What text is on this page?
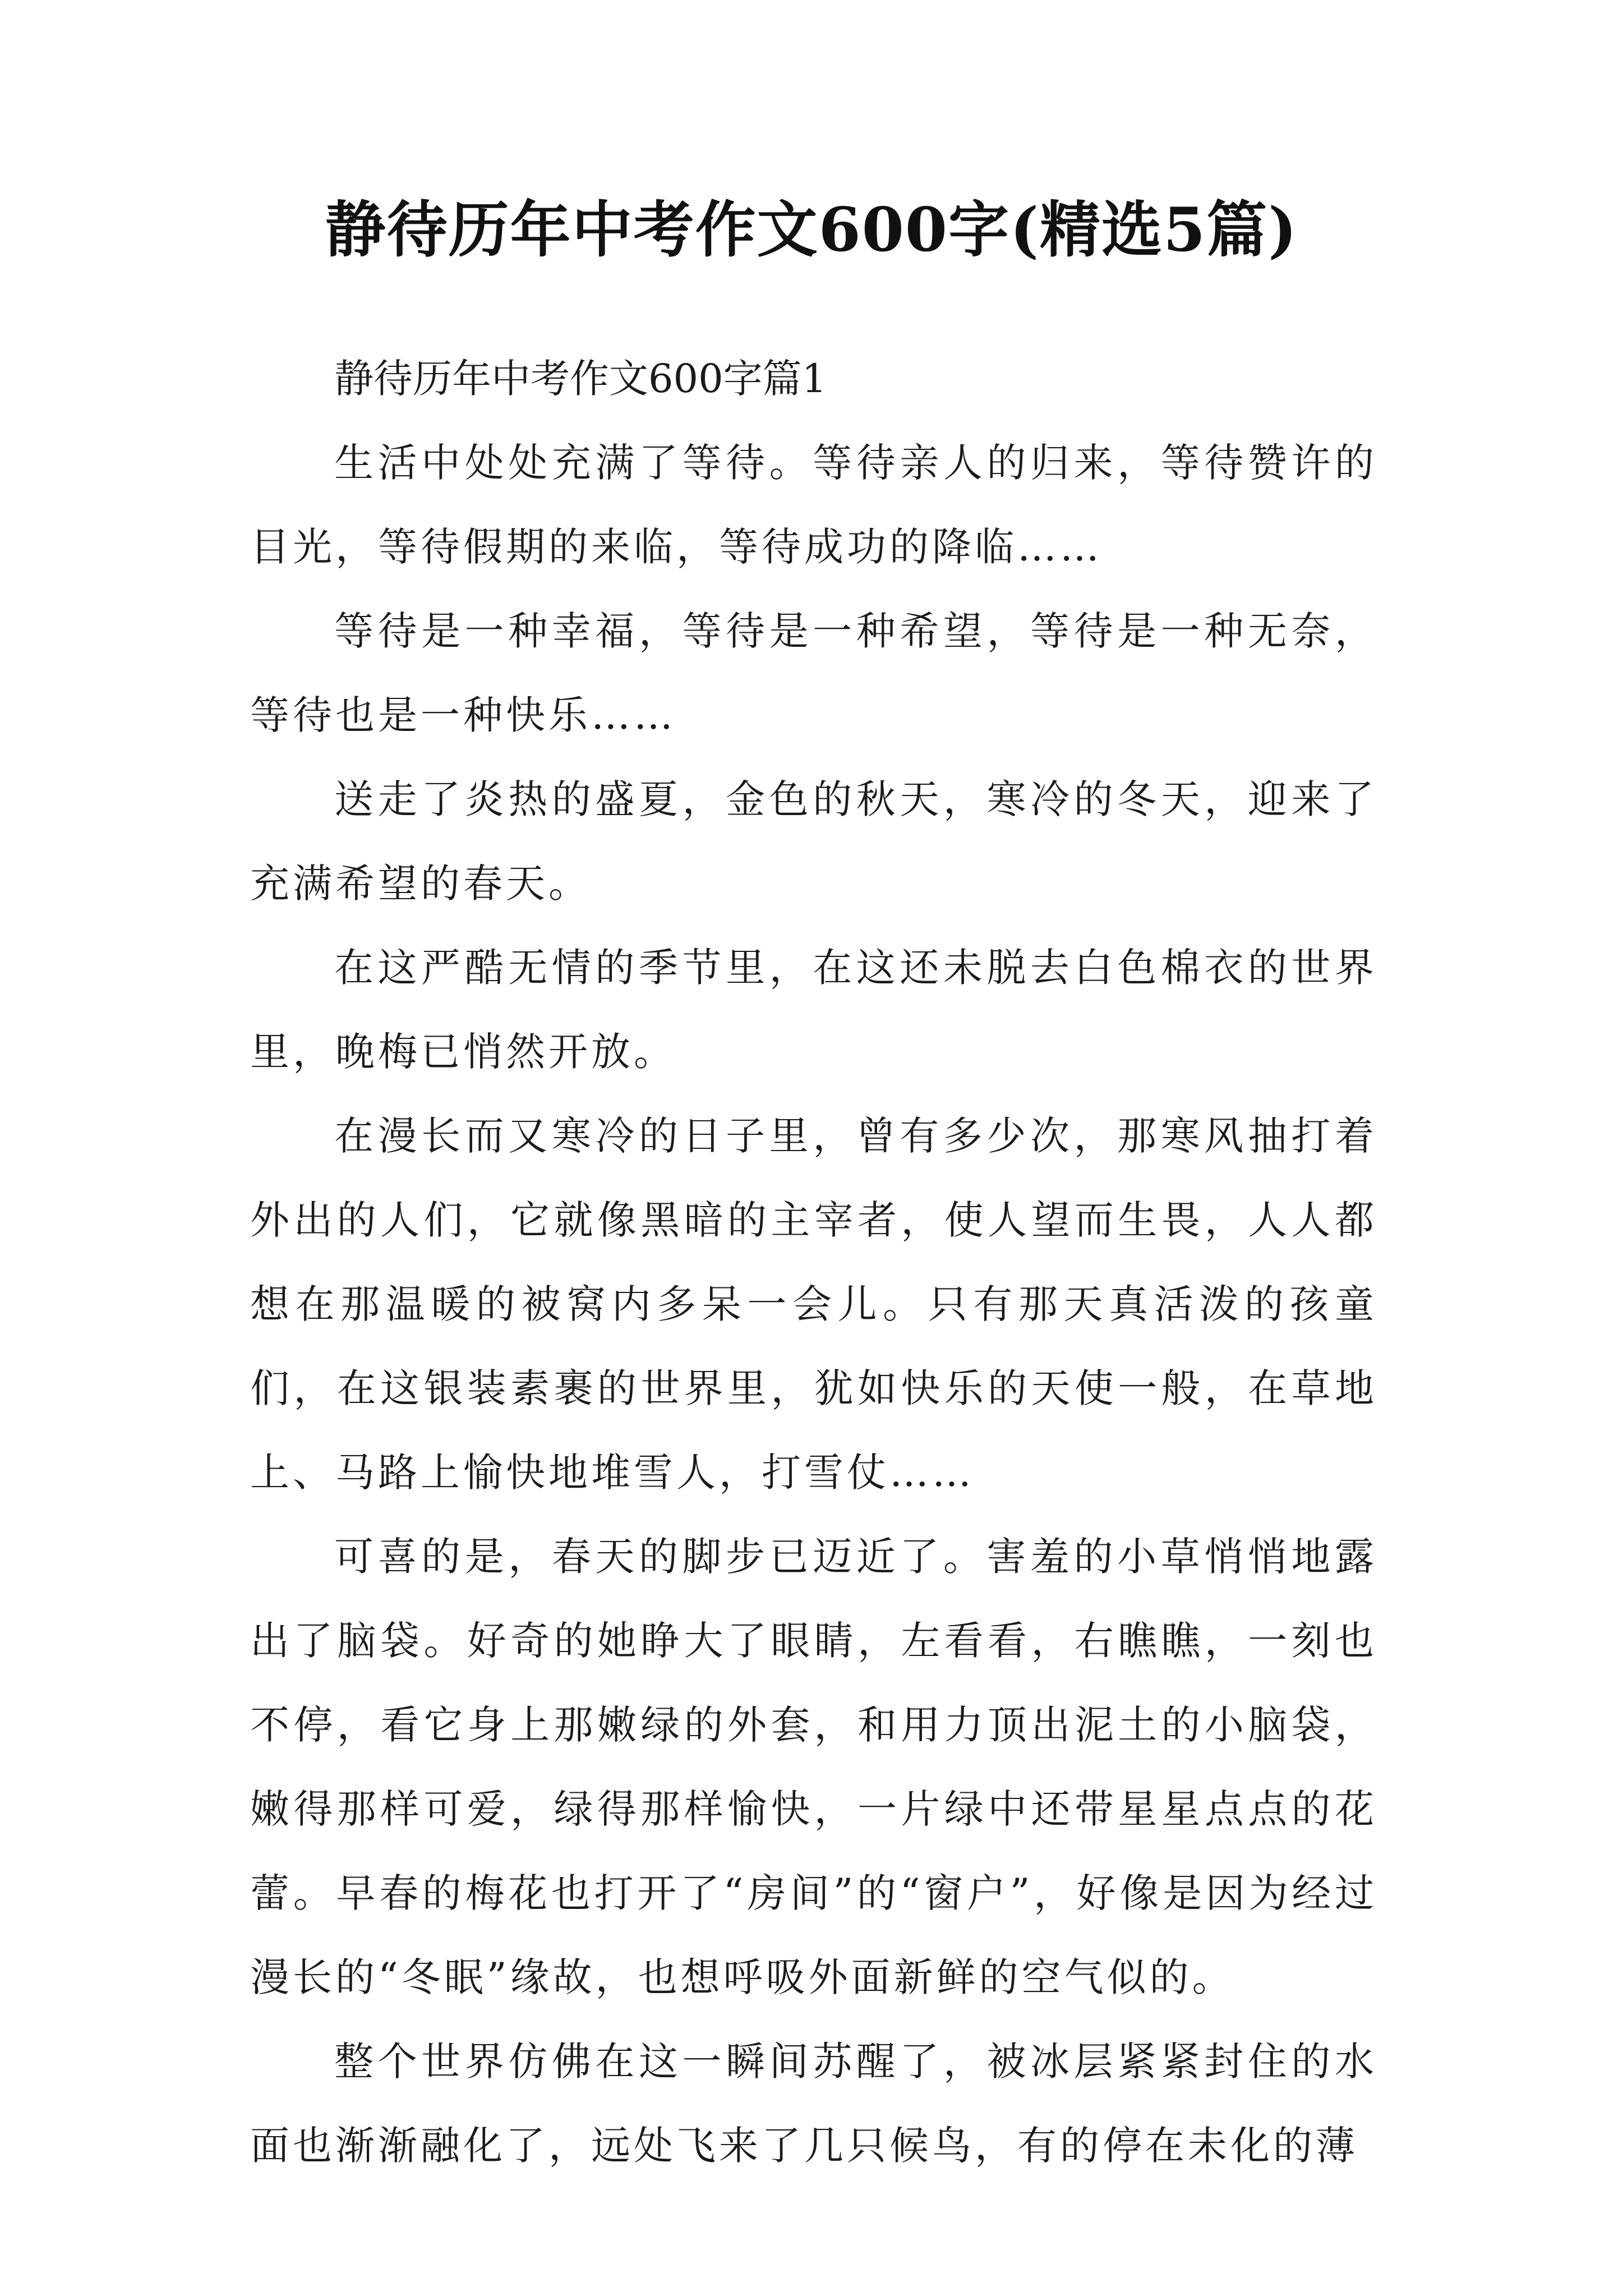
静待历年中考作文600字(精选5篇)

静待历年中考作文600字篇1

生活中处处充满了等待。等待亲人的归来，等待赞许的目光，等待假期的来临，等待成功的降临……

等待是一种幸福，等待是一种希望，等待是一种无奈，等待也是一种快乐……

送走了炎热的盛夏，金色的秋天，寒冷的冬天，迎来了充满希望的春天。

在这严酷无情的季节里，在这还未脱去白色棉衣的世界里，晚梅已悄然开放。

在漫长而又寒冷的日子里，曾有多少次，那寒风抽打着外出的人们，它就像黑暗的主宰者，使人望而生畏，人人都想在那温暖的被窝内多呆一会儿。只有那天真活泼的孩童们，在这银装素裹的世界里，犹如快乐的天使一般，在草地上、马路上愉快地堆雪人，打雪仗……

可喜的是，春天的脚步已迈近了。害羞的小草悄悄地露出了脑袋。好奇的她睁大了眼睛，左看看，右瞧瞧，一刻也不停，看它身上那嫩绿的外套，和用力顶出泥土的小脑袋，嫩得那样可爱，绿得那样愉快，一片绿中还带星星点点的花蕾。早春的梅花也打开了“房间”的“窗户”，好像是因为经过漫长的“冬眠”缘故，也想呼吸外面新鲜的空气似的。

整个世界仿佛在这一瞬间苏醒了，被冰层紧紧封住的水面也渐渐融化了，远处飞来了几只候鸟，有的停在未化的薄
